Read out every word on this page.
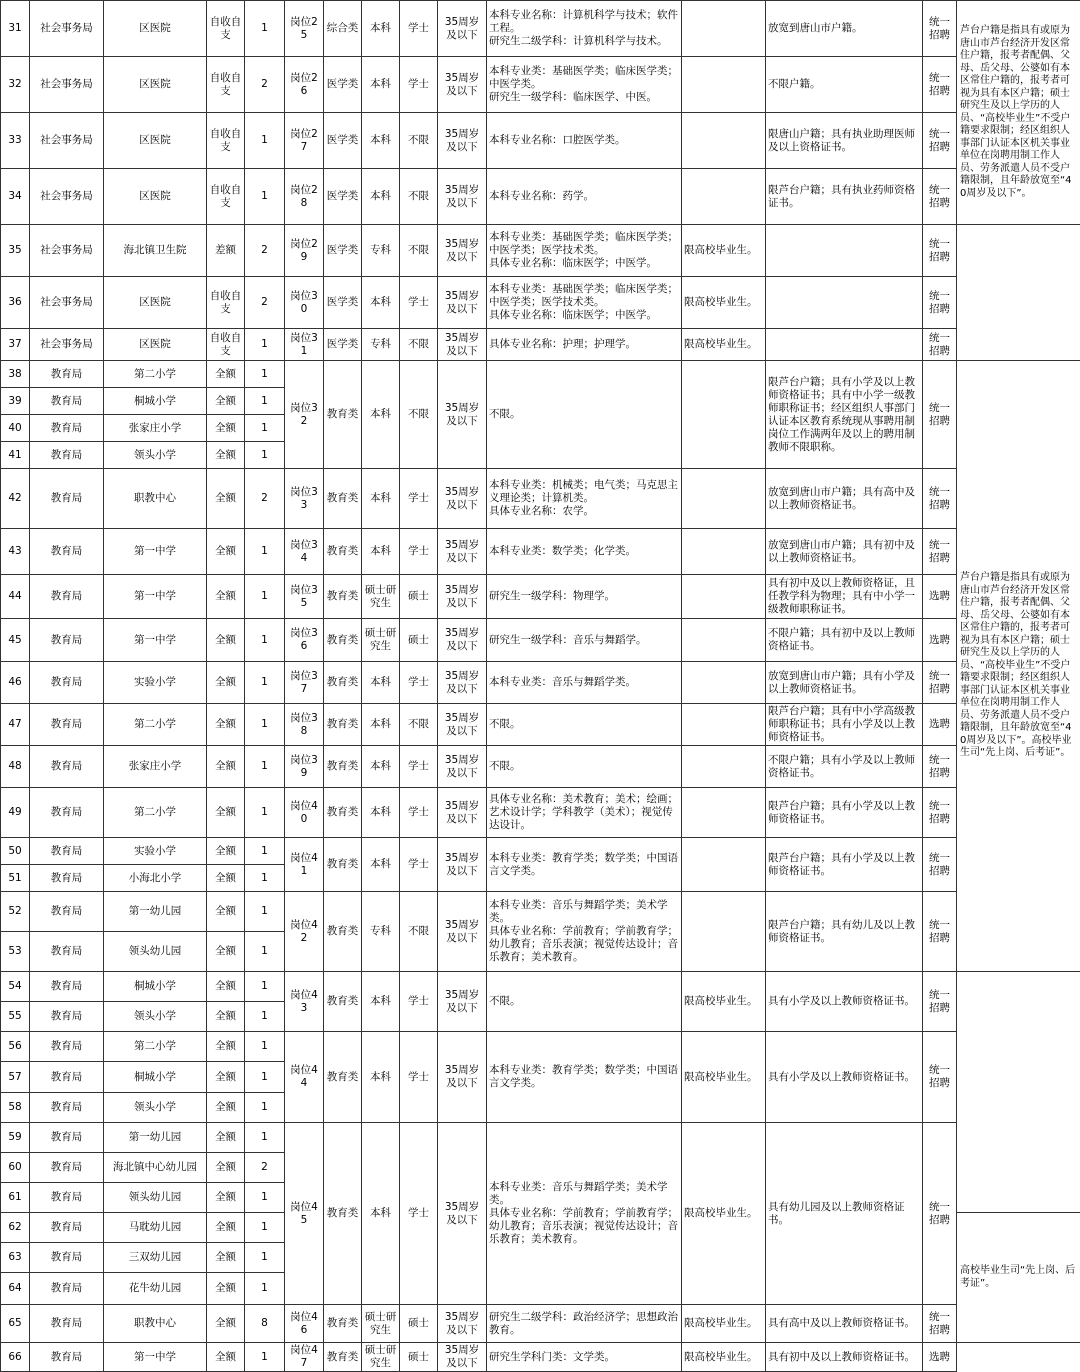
31	社会事务局	区医院	自收自支	1	岗位25	综合类	本科	学士	35周岁及以下	本科专业名称：计算机科学与技术；软件工程。
研究生二级学科：计算机科学与技术。		放宽到唐山市户籍。	统一招聘	芦台户籍是指具有或原为唐山市芦台经济开发区常住户籍，报考者配偶、父母、岳父母、公婆如有本区常住户籍的，报考者可视为具有本区户籍；硕士研究生及以上学历的人员、“高校毕业生”不受户籍要求限制；经区组织人事部门认证本区机关事业单位在岗聘用制工作人员、劳务派遣人员不受户籍限制，且年龄放宽至“40周岁及以下”。
32	社会事务局	区医院	自收自支	2	岗位26	医学类	本科	学士	35周岁及以下	本科专业类：基础医学类；临床医学类；中医学类。
研究生一级学科：临床医学、中医。		不限户籍。	统一招聘	
33	社会事务局	区医院	自收自支	1	岗位27	医学类	本科	不限	35周岁及以下	本科专业名称：口腔医学类。		限唐山户籍；具有执业助理医师及以上资格证书。	统一招聘	
34	社会事务局	区医院	自收自支	1	岗位28	医学类	本科	不限	35周岁及以下	本科专业名称：药学。		限芦台户籍；具有执业药师资格证书。	统一招聘	
35	社会事务局	海北镇卫生院	差额	2	岗位29	医学类	专科	不限	35周岁及以下	本科专业类：基础医学类；临床医学类；中医学类；医学技术类。
具体专业名称：临床医学；中医学。	限高校毕业生。		统一招聘	
36	社会事务局	区医院	自收自支	2	岗位30	医学类	本科	学士	35周岁及以下	本科专业类：基础医学类；临床医学类；中医学类；医学技术类。
具体专业名称：临床医学；中医学。	限高校毕业生。		统一招聘	
37	社会事务局	区医院	自收自支	1	岗位31	医学类	专科	不限	35周岁及以下	具体专业名称：护理；护理学。	限高校毕业生。		统一招聘	
38	教育局	第二小学	全额	1	岗位32	教育类	本科	不限	35周岁及以下	不限。		限芦台户籍；具有小学及以上教师资格证书；具有中小学一级教师职称证书；经区组织人事部门认证本区教育系统现从事聘用制岗位工作满两年及以上的聘用制教师不限职称。	统一招聘	芦台户籍是指具有或原为唐山市芦台经济开发区常住户籍，报考者配偶、父母、岳父母、公婆如有本区常住户籍的，报考者可视为具有本区户籍；硕士研究生及以上学历的人员、“高校毕业生”不受户籍要求限制；经区组织人事部门认证本区机关事业单位在岗聘用制工作人员、劳务派遣人员不受户籍限制，且年龄放宽至“40周岁及以下”。高校毕业生司“先上岗、后考证”。
39	教育局	桐城小学	全额	1										
40	教育局	张家庄小学	全额	1										
41	教育局	领头小学	全额	1										
42	教育局	职教中心	全额	2	岗位33	教育类	本科	学士	35周岁及以下	本科专业类：机械类；电气类；马克思主义理论类；计算机类。
具体专业名称：农学。		放宽到唐山市户籍；具有高中及以上教师资格证书。	统一招聘	
43	教育局	第一中学	全额	1	岗位34	教育类	本科	学士	35周岁及以下	本科专业类：数学类；化学类。		放宽到唐山市户籍；具有初中及以上教师资格证书。	统一招聘	
44	教育局	第一中学	全额	1	岗位35	教育类	硕士研究生	硕士	35周岁及以下	研究生一级学科：物理学。		具有初中及以上教师资格证，且任教学科为物理；具有中小学一级教师职称证书。	选聘	
45	教育局	第一中学	全额	1	岗位36	教育类	硕士研究生	硕士	35周岁及以下	研究生一级学科：音乐与舞蹈学。		不限户籍；具有初中及以上教师资格证书。	选聘	
46	教育局	实验小学	全额	1	岗位37	教育类	本科	学士	35周岁及以下	本科专业类：音乐与舞蹈学类。		放宽到唐山市户籍；具有小学及以上教师资格证书。	统一招聘	
47	教育局	第二小学	全额	1	岗位38	教育类	本科	不限	35周岁及以下	不限。		限芦台户籍；具有中小学高级教师职称证书；具有小学及以上教师资格证书。	选聘	
48	教育局	张家庄小学	全额	1	岗位39	教育类	本科	学士	35周岁及以下	不限。		不限户籍；具有小学及以上教师资格证书。	统一招聘	
49	教育局	第二小学	全额	1	岗位40	教育类	本科	学士	35周岁及以下	具体专业名称：美术教育；美术；绘画；艺术设计学；学科教学（美术）；视觉传达设计。		限芦台户籍；具有小学及以上教师资格证书。	统一招聘	
50	教育局	实验小学	全额	1	岗位41	教育类	本科	学士	35周岁及以下	本科专业类：教育学类；数学类；中国语言文学类。		限芦台户籍；具有小学及以上教师资格证书。	统一招聘	
51	教育局	小海北小学	全额	1										
52	教育局	第一幼儿园	全额	1	岗位42	教育类	专科	不限	35周岁及以下	本科专业类：音乐与舞蹈学类；美术学类。
具体专业名称：学前教育；学前教育学；幼儿教育；音乐表演；视觉传达设计；音乐教育；美术教育。		限芦台户籍；具有幼儿及以上教师资格证书。	统一招聘	
53	教育局	领头幼儿园	全额	1										
54	教育局	桐城小学	全额	1	岗位43	教育类	本科	学士	35周岁及以下	不限。	限高校毕业生。	具有小学及以上教师资格证书。	统一招聘	
55	教育局	领头小学	全额	1										
56	教育局	第二小学	全额	1	岗位44	教育类	本科	学士	35周岁及以下	本科专业类：教育学类；数学类；中国语言文学类。	限高校毕业生。	具有小学及以上教师资格证书。	统一招聘	
57	教育局	桐城小学	全额	1										
58	教育局	领头小学	全额	1										
59	教育局	第一幼儿园	全额	1	岗位45	教育类	本科	学士	35周岁及以下	本科专业类：音乐与舞蹈学类；美术学类。
具体专业名称：学前教育；学前教育学；幼儿教育；音乐表演；视觉传达设计；音乐教育；美术教育。	限高校毕业生。	具有幼儿园及以上教师资格证书。	统一招聘	
60	教育局	海北镇中心幼儿园	全额	2										
61	教育局	领头幼儿园	全额	1										
62	教育局	马耽幼儿园	全额	1										高校毕业生司“先上岗、后考证”。
63	教育局	三双幼儿园	全额	1										
64	教育局	花牛幼儿园	全额	1										
65	教育局	职教中心	全额	8	岗位46	教育类	硕士研究生	硕士	35周岁及以下	研究生二级学科：政治经济学；思想政治教育。	限高校毕业生。	具有高中及以上教师资格证书。	统一招聘	
66	教育局	第一中学	全额	1	岗位47	教育类	硕士研究生	硕士	35周岁及以下	研究生学科门类：文学类。	限高校毕业生。	具有初中及以上教师资格证书。	选聘	
